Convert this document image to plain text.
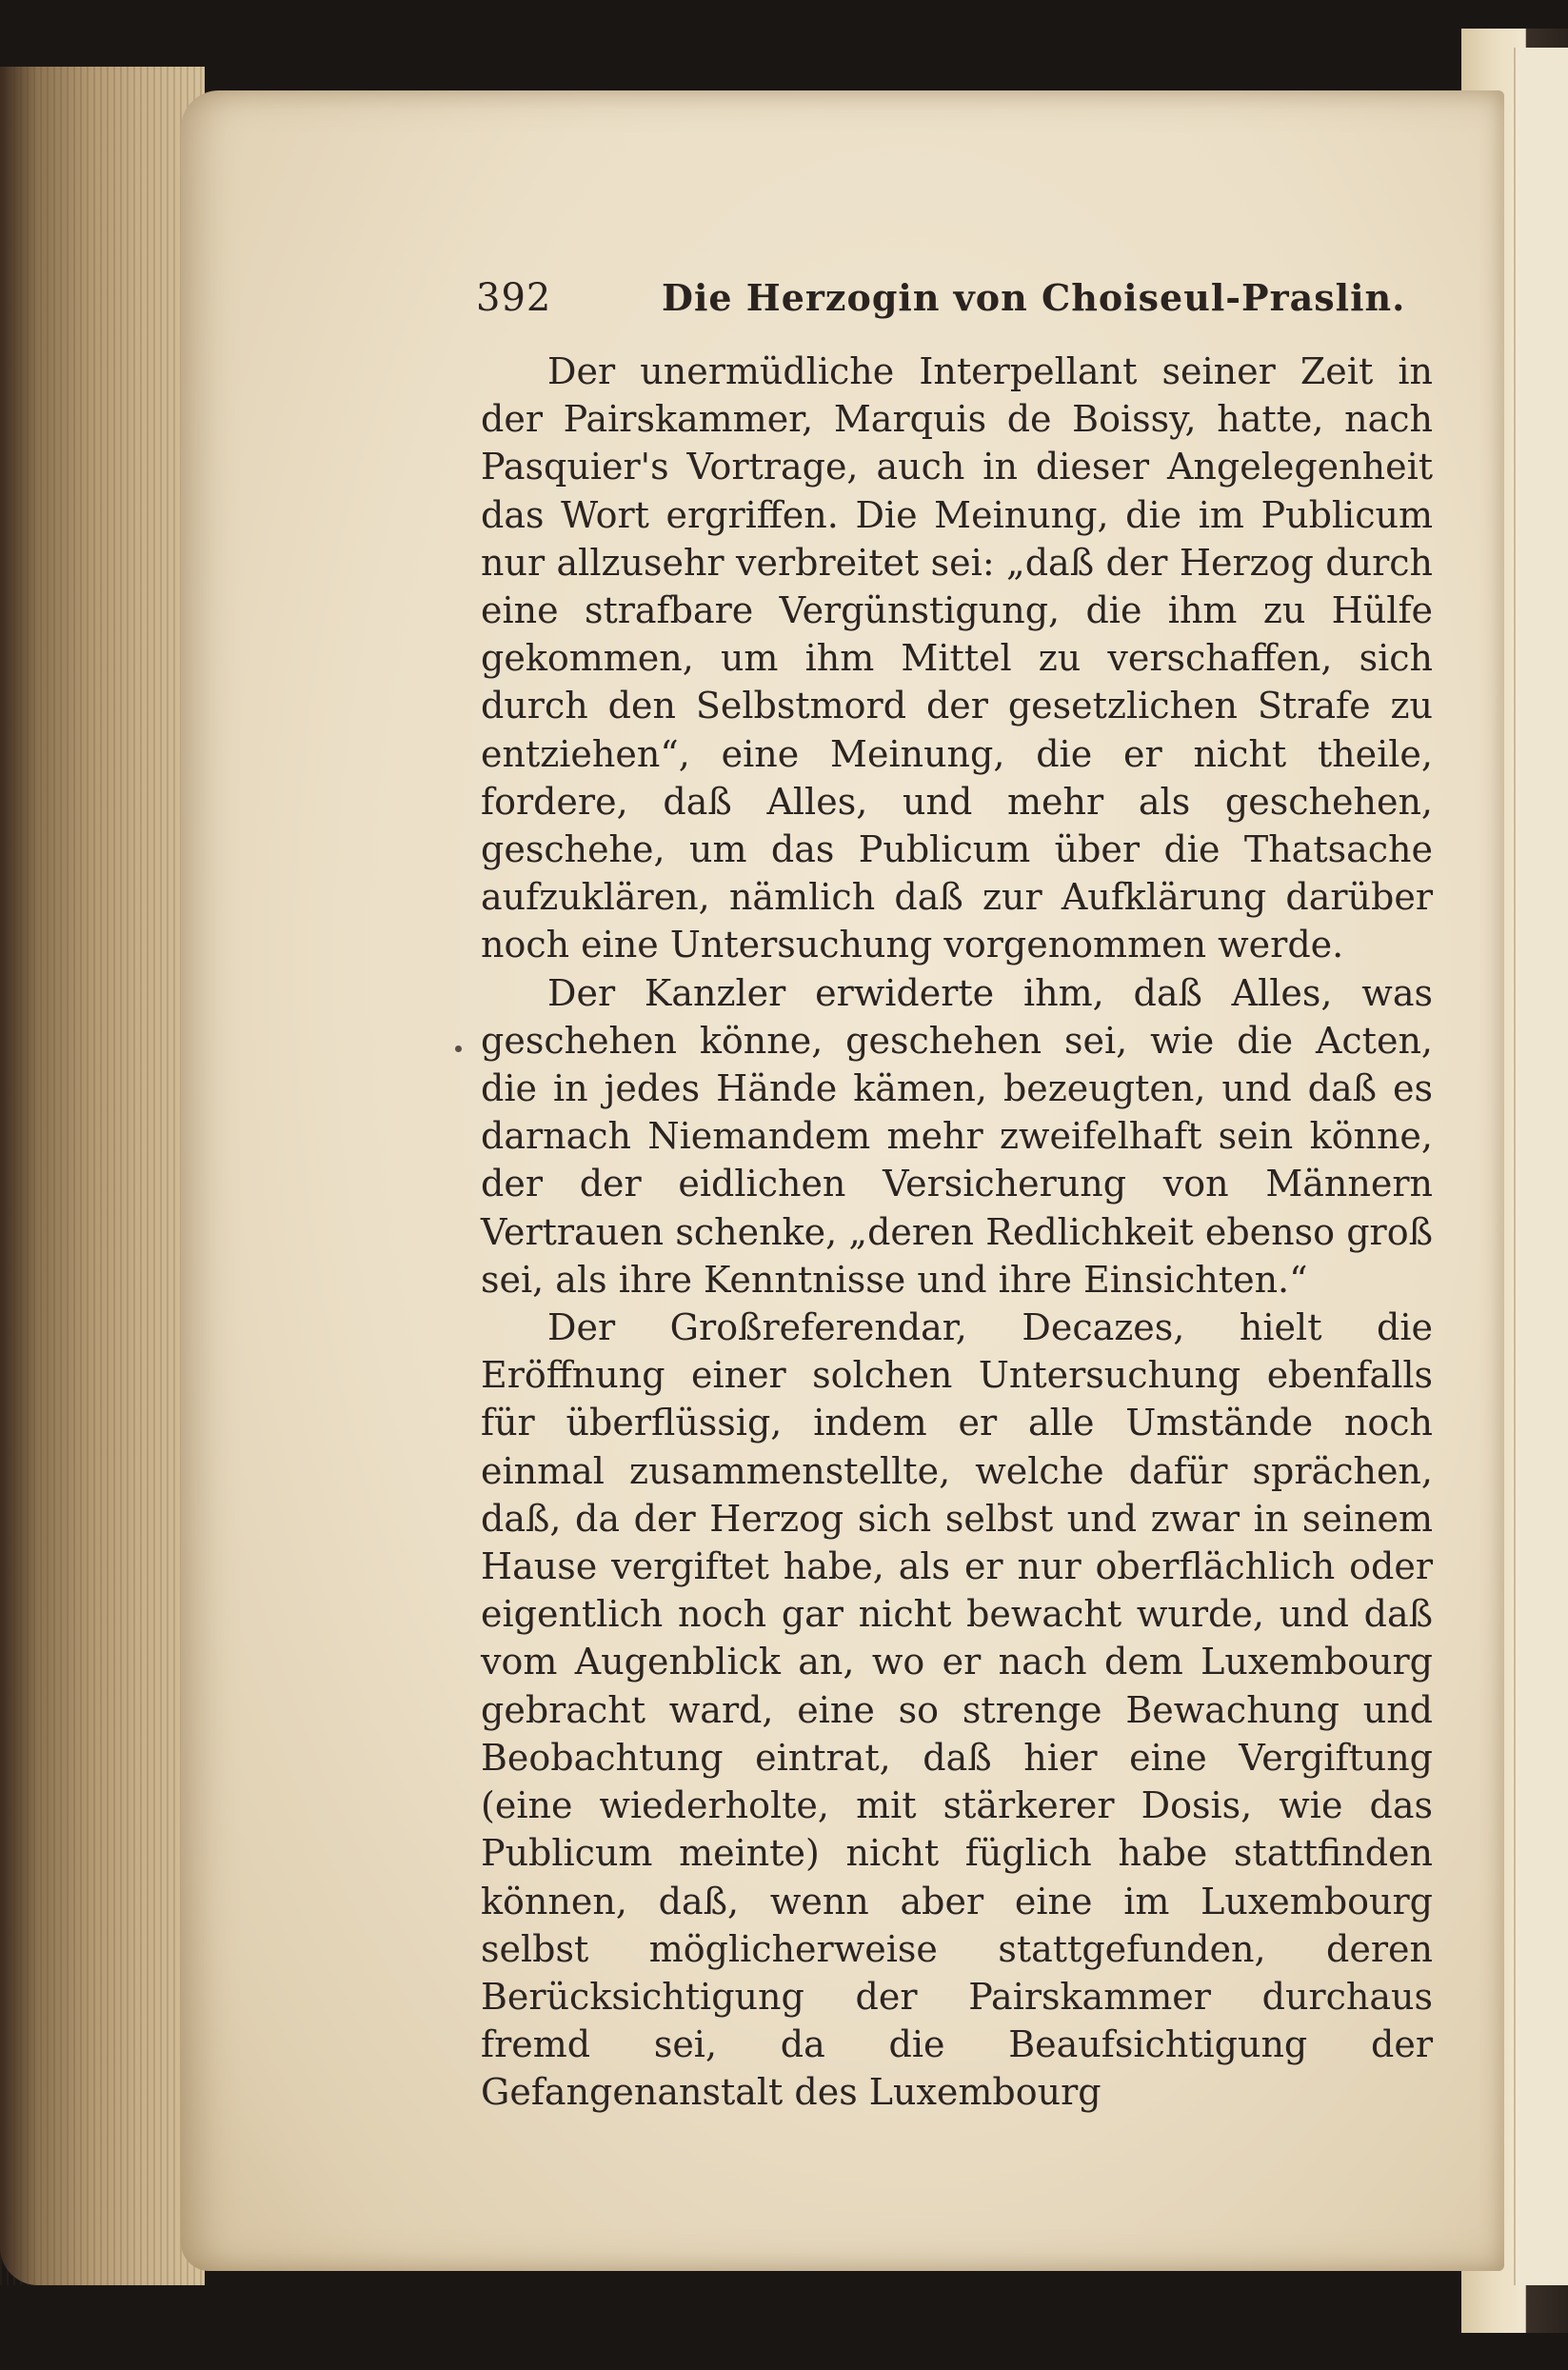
392	Die Herzogin von Choiseul-Praslin.

Der unermüdliche Interpellant seiner Zeit in der Pairskammer, Marquis de Boissy, hatte, nach Pasquier's Vortrage, auch in dieser Angelegenheit das Wort ergriffen. Die Meinung, die im Publicum nur allzusehr verbreitet sei: „daß der Herzog durch eine strafbare Vergünstigung, die ihm zu Hülfe gekommen, um ihm Mittel zu verschaffen, sich durch den Selbstmord der gesetzlichen Strafe zu entziehen“, eine Meinung, die er nicht theile, fordere, daß Alles, und mehr als geschehen, geschehe, um das Publicum über die Thatsache aufzuklären, nämlich daß zur Aufklärung darüber noch eine Untersuchung vorgenommen werde.

Der Kanzler erwiderte ihm, daß Alles, was geschehen könne, geschehen sei, wie die Acten, die in jedes Hände kämen, bezeugten, und daß es darnach Niemandem mehr zweifelhaft sein könne, der der eidlichen Versicherung von Männern Vertrauen schenke, „deren Redlichkeit ebenso groß sei, als ihre Kenntnisse und ihre Einsichten.“

Der Großreferendar, Decazes, hielt die Eröffnung einer solchen Untersuchung ebenfalls für überflüssig, indem er alle Umstände noch einmal zusammenstellte, welche dafür sprächen, daß, da der Herzog sich selbst und zwar in seinem Hause vergiftet habe, als er nur oberflächlich oder eigentlich noch gar nicht bewacht wurde, und daß vom Augenblick an, wo er nach dem Luxembourg gebracht ward, eine so strenge Bewachung und Beobachtung eintrat, daß hier eine Vergiftung (eine wiederholte, mit stärkerer Dosis, wie das Publicum meinte) nicht füglich habe stattfinden können, daß, wenn aber eine im Luxembourg selbst möglicherweise stattgefunden, deren Berücksichtigung der Pairskammer durchaus fremd sei, da die Beaufsichtigung der Gefangenanstalt des Luxembourg
